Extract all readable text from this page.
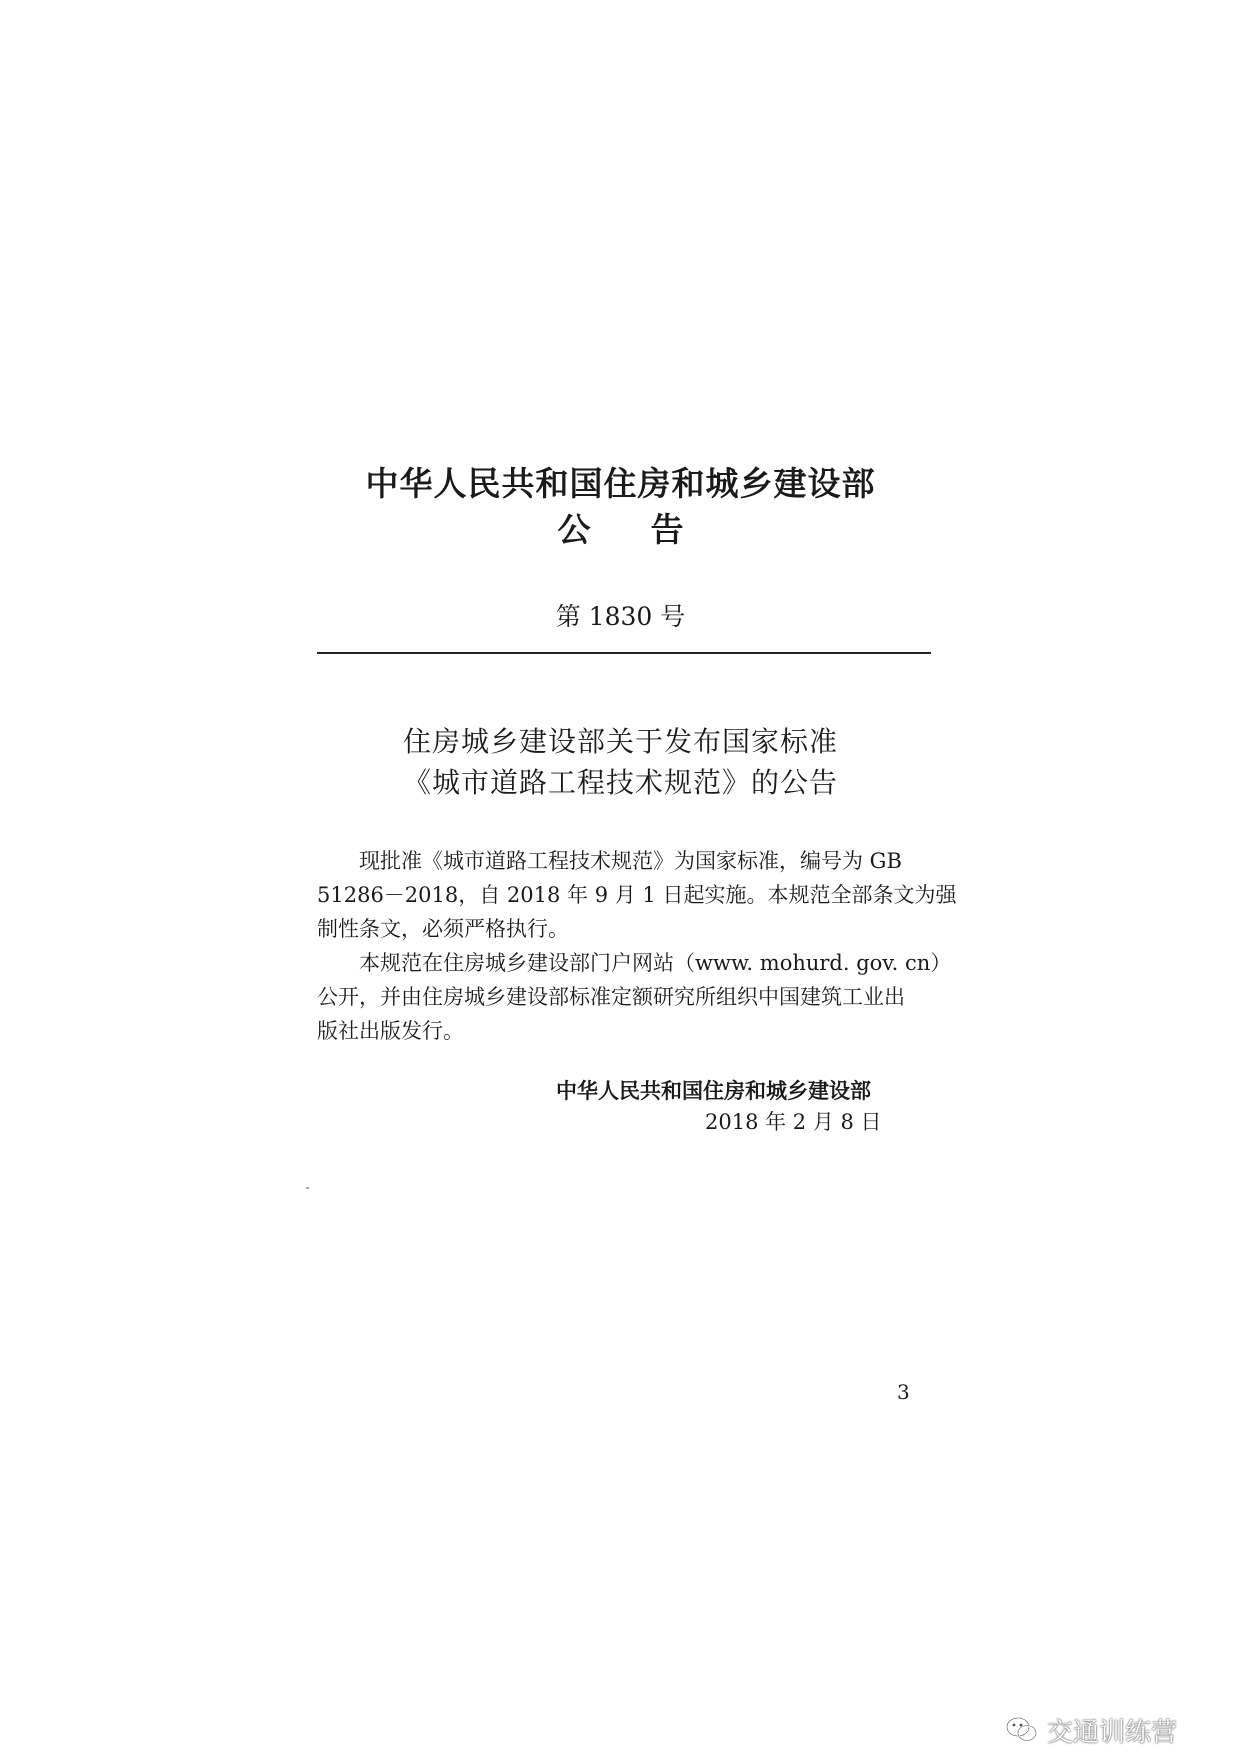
中华人民共和国住房和城乡建设部
公告
第 1830 号
住房城乡建设部关于发布国家标准
《城市道路工程技术规范》的公告

现批准《城市道路工程技术规范》为国家标准，编号为 GB
51286－2018，自 2018 年 9 月 1 日起实施。本规范全部条文为强
制性条文，必须严格执行。

本规范在住房城乡建设部门户网站（www. mohurd. gov. cn）
公开，并由住房城乡建设部标准定额研究所组织中国建筑工业出
版社出版发行。

中华人民共和国住房和城乡建设部
2018 年 2 月 8 日
3
交通训练营
